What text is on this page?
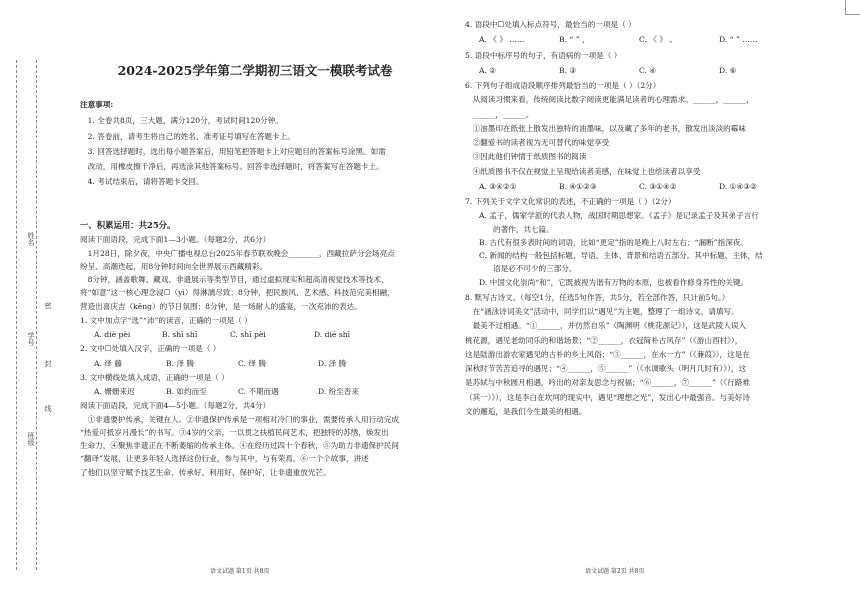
姓名
学号
密
封
线
班级
2024-2025学年第二学期初三语文一模联考试卷

注意事项:

1. 全卷共8页，三大题，满分120分，考试时间120分钟。

2. 答卷前，请考生将自己的姓名、准考证号填写在答题卡上。

3. 回答选择题时，选出每小题答案后，用铅笔把答题卡上对应题目的答案标号涂黑。如需

改动，用橡皮擦干净后，再选涂其他答案标号。回答非选择题时，将答案写在答题卡上。

4. 考试结束后，请将答题卡交回。

一、积累运用：共25分。

阅读下面语段，完成下面1—3小题。（每题2分，共6分）

1月28日，除夕夜，中央广播电视总台2025年春节联欢晚会________，西藏拉萨分会场亮点

纷呈、高潮迭起，用8分钟时间向全世界展示西藏精彩。

8分钟，涵盖歌舞、藏戏、非遗展示等类型节目，通过虚拟现实和超高清视觉技术等技术，

将“如意”这一核心理念浸☐（yì）得淋漓尽致；8分钟，把民族风、艺术感、科技范完美相融，

营造出喜庆吉（kěng）的节日氛围；8分钟，是一场耐人的盛宴，一次充沛的表达。

1. 文中加点字“选”“沛”的读音，正确的一项是（ ）

A. diè pèi	B. shī shī	C. shī pèi	D. dié shī

2. 文中☐处填入汉字，正确的一项是（ ）

A. 绎 藤	B. 泽 腾	C. 绎 腾	D. 泽 腾

3. 文中横线处填入成语，正确的一项是（ ）

A. 姗姗来迟	B. 如约而至	C. 不期而遇	D. 纷至沓来

阅读下面语段，完成下面4—5小题。（每题2分，共4分）

①非遗要护传承，关键在人。②非遗保护传承是一项相对冷门的事业，需要传承人用行动完成

“热爱可抵岁月漫长”的书写。③4岁的父亲，一以贯之扶植民间艺术，把独特的苏绣，焕发出

生命力，④聚焦非遗正在不断萎缩的传承主体。④在经历过四十个春秋，⑤为助力非遗保护民间

“翻译”发展，让更多年轻人选择这份行业，参与其中，与有荣焉。⑥一个个故事，讲述

了他们以坚守赋予技艺生命，传承好、利用好、保护好，让非遗重放光芒。

语文试题 第1页 共8页

4. 语段中☐处填入标点符号，最恰当的一项是（ ）

A. 《 》 ……	B. “ ” ，	C. 《 》 。	D. “ ” ……

5. 语段中标序号的句子，有语病的一项是（ ）

A. ②	B. ③	C. ④	D. ⑥

6. 下列句子组成语段顺序排列最恰当的一项是（ ）（2分）

从阅读习惯来看，传统阅读比数字阅读更能满足读者的心理需求。______，______，

______，______。

①油墨印在纸张上散发出独特的油墨味，以及藏了多年的老书，散发出淡淡的霉味

②翻爱书的读者视为无可替代的味觉享受

③因此他们钟情于纸质图书的阅读

④纸质图书不仅在视觉上呈现给读者美感，在味觉上也给读者以享受

A. ③④②①	B. ④①②③	C. ③①④②	D. ①④③②

7. 下列关于文学文化常识的表述，不正确的一项是（ ）（2分）

A. 孟子，儒家学派的代表人物，战国时期思想家。《孟子》是记录孟子及其弟子言行

的著作，共七篇。

B. 古代有很多表时间的词语，比如“更定”指的是晚上八时左右；“漏断”指深夜。

C. 新闻的结构一般包括标题、导语、主体、背景和结语五部分。其中标题、主体，结

语是必不可少的三部分。

D. 中国文化崇尚“和”，它既被视为谐有万物的本原，也被看作修身养性的关键。

8. 默写古诗文。（每空1分，任选5句作答，共5分，若全部作答，只计前5句。）

在“涵泳诗词美文”活动中，同学们以“遇见”为主题，整理了一组诗文，请填写。

最美不过相遇。“①______，并仿然自乐”（陶渊明《桃花源记》），这是武陵人误入

桃花源，遇见老幼同乐的和谐场景；“②______，衣冠简朴古风存”（《游山西村》），

这是陆游出游农家遇见的古朴的乡土风俗；“③______，在水一方”（《蒹葭》），这是在

深秋时节苦苦追寻的遇见；“④______，⑤______”（《水调歌头（明月几时有）》），这

是苏轼与中秋圆月相遇，吟出的对亲友思念与祝福；“⑥______，⑦______”（《行路难

（其一）》），这是李白在坎坷的现实中，遇见“理想之光”，发出心中最强音。与美好诗

文的邂逅，是我们今生最美的相遇。

语文试题 第2页 共8页
